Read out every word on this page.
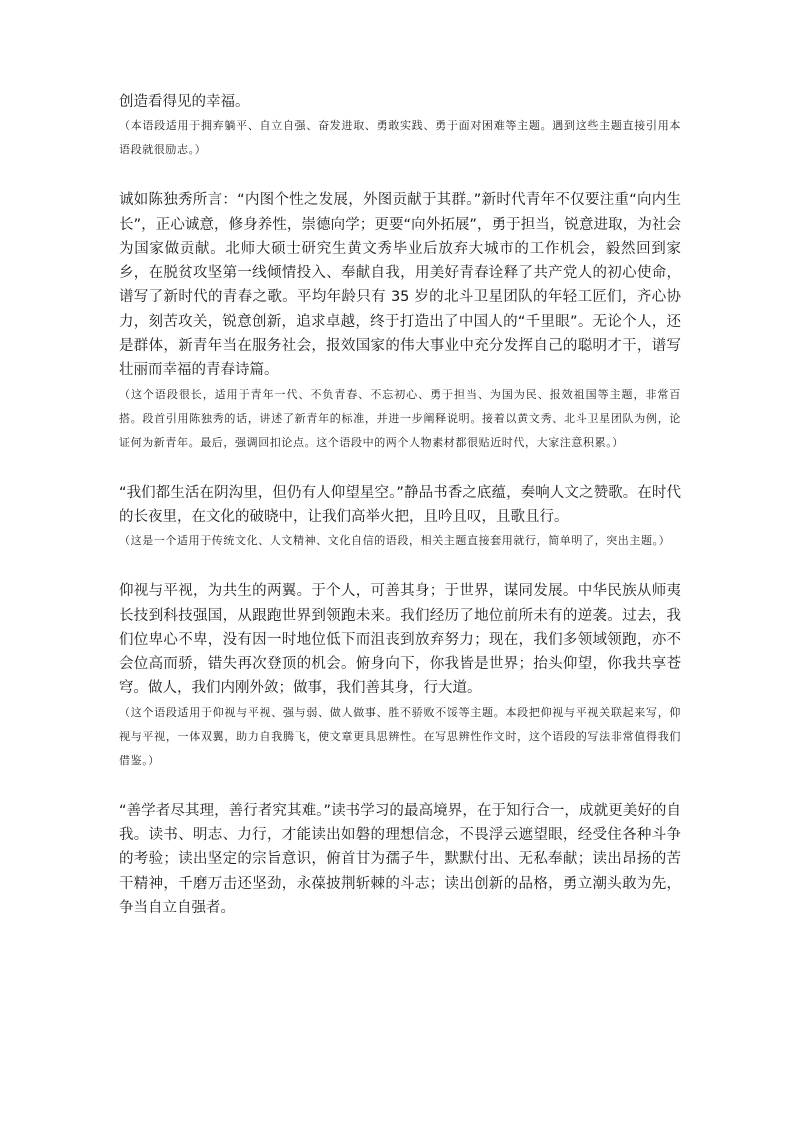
创造看得见的幸福。

（本语段适用于拥弃躺平、自立自强、奋发进取、勇敢实践、勇于面对困难等主题。遇到这些主题直接引用本语段就很励志。）

诚如陈独秀所言：“内图个性之发展，外图贡献于其群。”新时代青年不仅要注重“向内生长”，正心诚意，修身养性，崇德向学；更要“向外拓展”，勇于担当，锐意进取，为社会为国家做贡献。北师大硕士研究生黄文秀毕业后放弃大城市的工作机会，毅然回到家乡，在脱贫攻坚第一线倾情投入、奉献自我，用美好青春诠释了共产党人的初心使命，谱写了新时代的青春之歌。平均年龄只有 35 岁的北斗卫星团队的年轻工匠们，齐心协力，刻苦攻关，锐意创新，追求卓越，终于打造出了中国人的“千里眼”。无论个人，还是群体，新青年当在服务社会，报效国家的伟大事业中充分发挥自己的聪明才干，谱写壮丽而幸福的青春诗篇。

（这个语段很长，适用于青年一代、不负青春、不忘初心、勇于担当、为国为民、报效祖国等主题，非常百搭。段首引用陈独秀的话，讲述了新青年的标准，并进一步阐释说明。接着以黄文秀、北斗卫星团队为例，论证何为新青年。最后，强调回扣论点。这个语段中的两个人物素材都很贴近时代，大家注意积累。）

“我们都生活在阴沟里，但仍有人仰望星空。”静品书香之底蕴，奏响人文之赞歌。在时代的长夜里，在文化的破晓中，让我们高举火把，且吟且叹，且歌且行。

（这是一个适用于传统文化、人文精神、文化自信的语段，相关主题直接套用就行，简单明了，突出主题。）

仰视与平视，为共生的两翼。于个人，可善其身；于世界，谋同发展。中华民族从师夷长技到科技强国，从跟跑世界到领跑未来。我们经历了地位前所未有的逆袭。过去，我们位卑心不卑，没有因一时地位低下而沮丧到放弃努力；现在，我们多领域领跑，亦不会位高而骄，错失再次登顶的机会。俯身向下，你我皆是世界；抬头仰望，你我共享苍穹。做人，我们内刚外敛；做事，我们善其身，行大道。

（这个语段适用于仰视与平视、强与弱、做人做事、胜不骄败不馁等主题。本段把仰视与平视关联起来写，仰视与平视，一体双翼，助力自我腾飞，使文章更具思辨性。在写思辨性作文时，这个语段的写法非常值得我们借鉴。）

“善学者尽其理，善行者究其难。”读书学习的最高境界，在于知行合一，成就更美好的自我。读书、明志、力行，才能读出如磐的理想信念，不畏浮云遮望眼，经受住各种斗争的考验；读出坚定的宗旨意识，俯首甘为孺子牛，默默付出、无私奉献；读出昂扬的苦干精神，千磨万击还坚劲，永葆披荆斩棘的斗志；读出创新的品格，勇立潮头敢为先，争当自立自强者。
